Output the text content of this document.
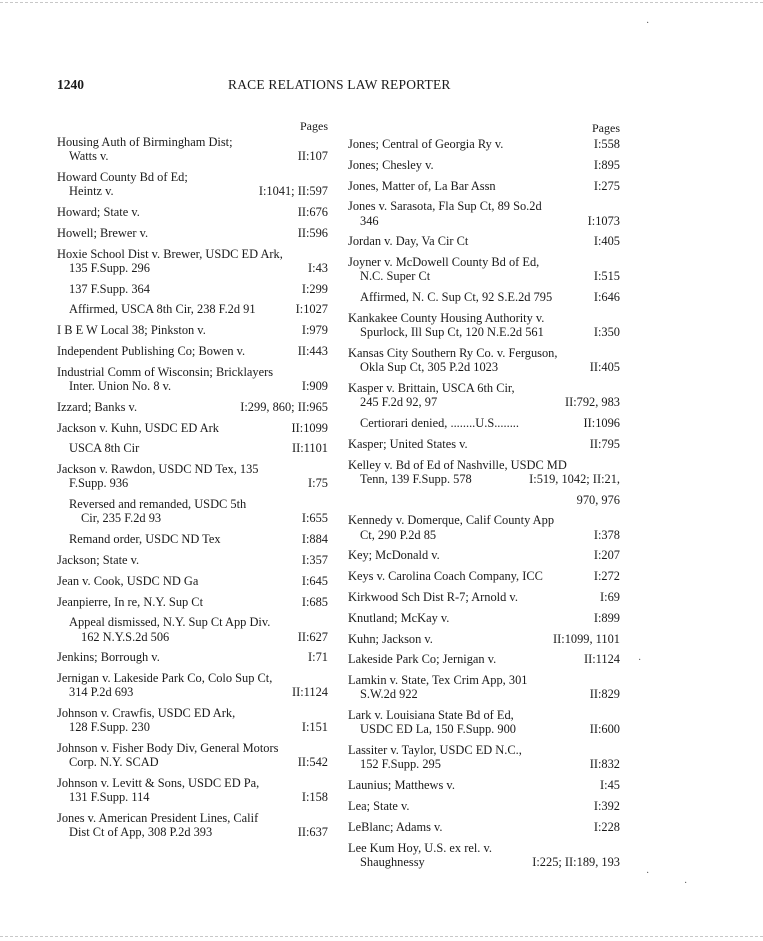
1240	RACE RELATIONS LAW REPORTER
Pages
Housing Auth of Birmingham Dist;
Watts v.	II:107
Howard County Bd of Ed;
Heintz v.	I:1041; II:597
Howard; State v.	II:676
Howell; Brewer v.	II:596
Hoxie School Dist v. Brewer, USDC ED Ark,
135 F.Supp. 296	I:43
137 F.Supp. 364	I:299
Affirmed, USCA 8th Cir, 238 F.2d 91	I:1027
I B E W Local 38; Pinkston v.	I:979
Independent Publishing Co; Bowen v.	II:443
Industrial Comm of Wisconsin; Bricklayers
Inter. Union No. 8 v.	I:909
Izzard; Banks v.	I:299, 860; II:965
Jackson v. Kuhn, USDC ED Ark	II:1099
USCA 8th Cir	II:1101
Jackson v. Rawdon, USDC ND Tex, 135
F.Supp. 936	I:75
Reversed and remanded, USDC 5th
Cir, 235 F.2d 93	I:655
Remand order, USDC ND Tex	I:884
Jackson; State v.	I:357
Jean v. Cook, USDC ND Ga	I:645
Jeanpierre, In re, N.Y. Sup Ct	I:685
Appeal dismissed, N.Y. Sup Ct App Div.
162 N.Y.S.2d 506	II:627
Jenkins; Borrough v.	I:71
Jernigan v. Lakeside Park Co, Colo Sup Ct,
314 P.2d 693	II:1124
Johnson v. Crawfis, USDC ED Ark,
128 F.Supp. 230	I:151
Johnson v. Fisher Body Div, General Motors
Corp. N.Y. SCAD	II:542
Johnson v. Levitt & Sons, USDC ED Pa,
131 F.Supp. 114	I:158
Jones v. American President Lines, Calif
Dist Ct of App, 308 P.2d 393	II:637
Pages
Jones; Central of Georgia Ry v.	I:558
Jones; Chesley v.	I:895
Jones, Matter of, La Bar Assn	I:275
Jones v. Sarasota, Fla Sup Ct, 89 So.2d
346	I:1073
Jordan v. Day, Va Cir Ct	I:405
Joyner v. McDowell County Bd of Ed,
N.C. Super Ct	I:515
Affirmed, N. C. Sup Ct, 92 S.E.2d 795	I:646
Kankakee County Housing Authority v.
Spurlock, Ill Sup Ct, 120 N.E.2d 561	I:350
Kansas City Southern Ry Co. v. Ferguson,
Okla Sup Ct, 305 P.2d 1023	II:405
Kasper v. Brittain, USCA 6th Cir,
245 F.2d 92, 97	II:792, 983
Certiorari denied, ........U.S........	II:1096
Kasper; United States v.	II:795
Kelley v. Bd of Ed of Nashville, USDC MD
Tenn, 139 F.Supp. 578	I:519, 1042; II:21,

970, 976
Kennedy v. Domerque, Calif County App
Ct, 290 P.2d 85	I:378
Key; McDonald v.	I:207
Keys v. Carolina Coach Company, ICC	I:272
Kirkwood Sch Dist R-7; Arnold v.	I:69
Knutland; McKay v.	I:899
Kuhn; Jackson v.	II:1099, 1101
Lakeside Park Co; Jernigan v.	II:1124
Lamkin v. State, Tex Crim App, 301
S.W.2d 922	II:829
Lark v. Louisiana State Bd of Ed,
USDC ED La, 150 F.Supp. 900	II:600
Lassiter v. Taylor, USDC ED N.C.,
152 F.Supp. 295	II:832
Launius; Matthews v.	I:45
Lea; State v.	I:392
LeBlanc; Adams v.	I:228
Lee Kum Hoy, U.S. ex rel. v.
Shaughnessy	I:225; II:189, 193
·
·
·
·
